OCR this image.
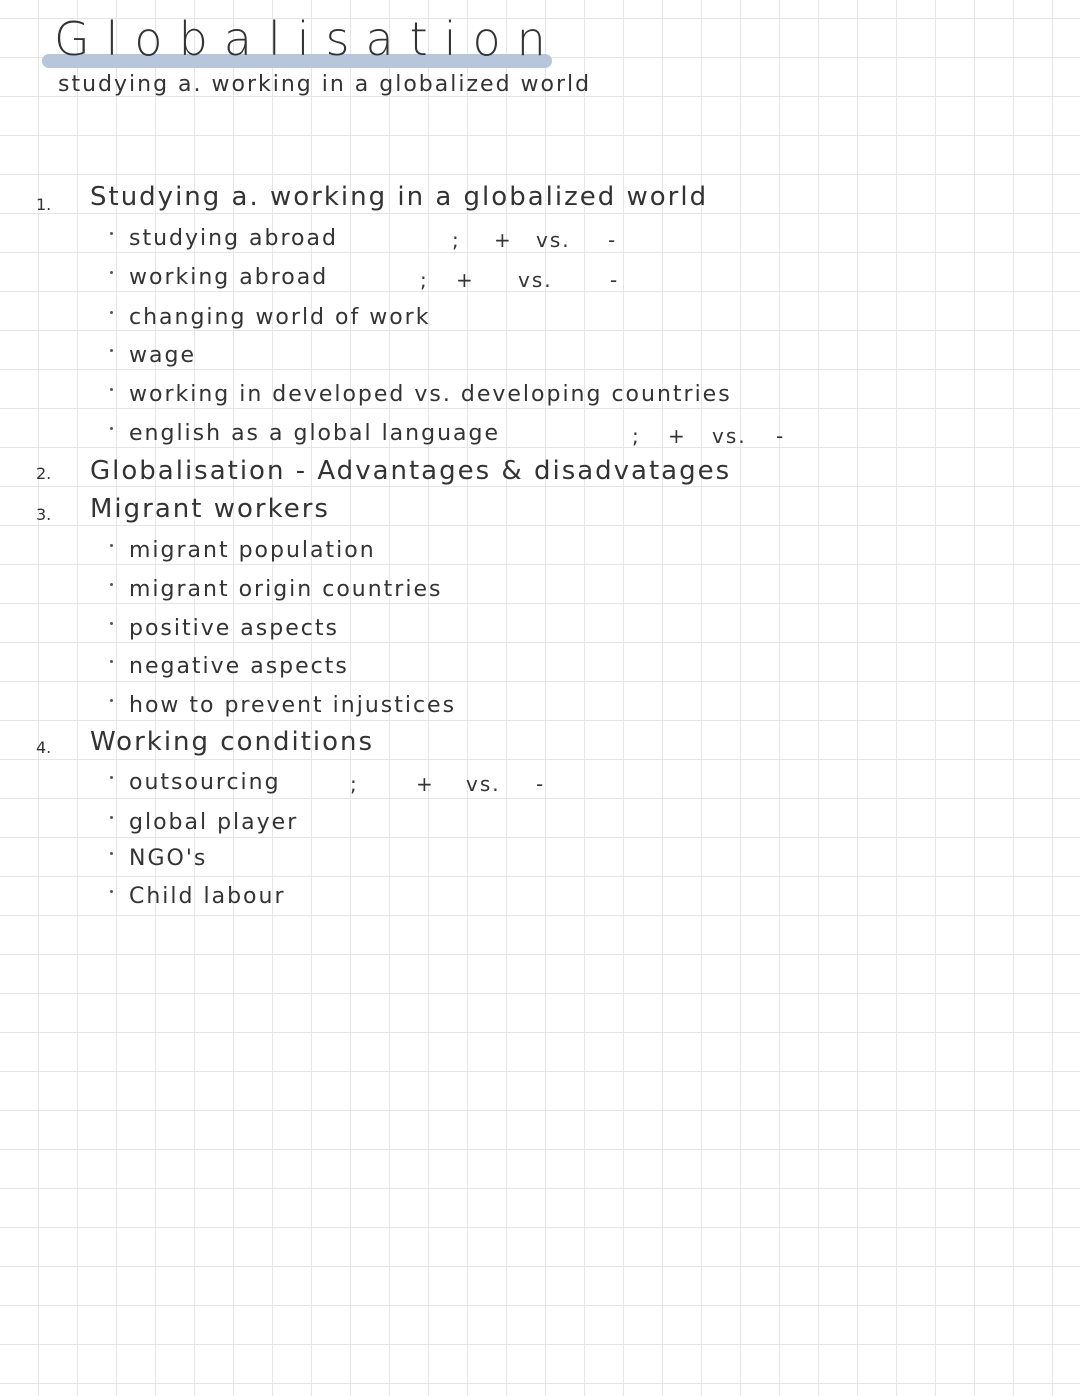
Globalisation
studying a. working in a globalized world
1. Studying a. working in a globalized world
studying abroad	; + vs. -
working abroad	; + vs.	-
changing world of work
wage
working in developed vs. developing countries
english as a global language	; + vs. -
2. Globalisation - Advantages & disadvatages
3. Migrant workers
migrant population
migrant origin countries
positive aspects
negative aspects
how to prevent injustices
4. Working conditions
outsourcing	;	+ vs. -
global player
NGO's
Child labour
